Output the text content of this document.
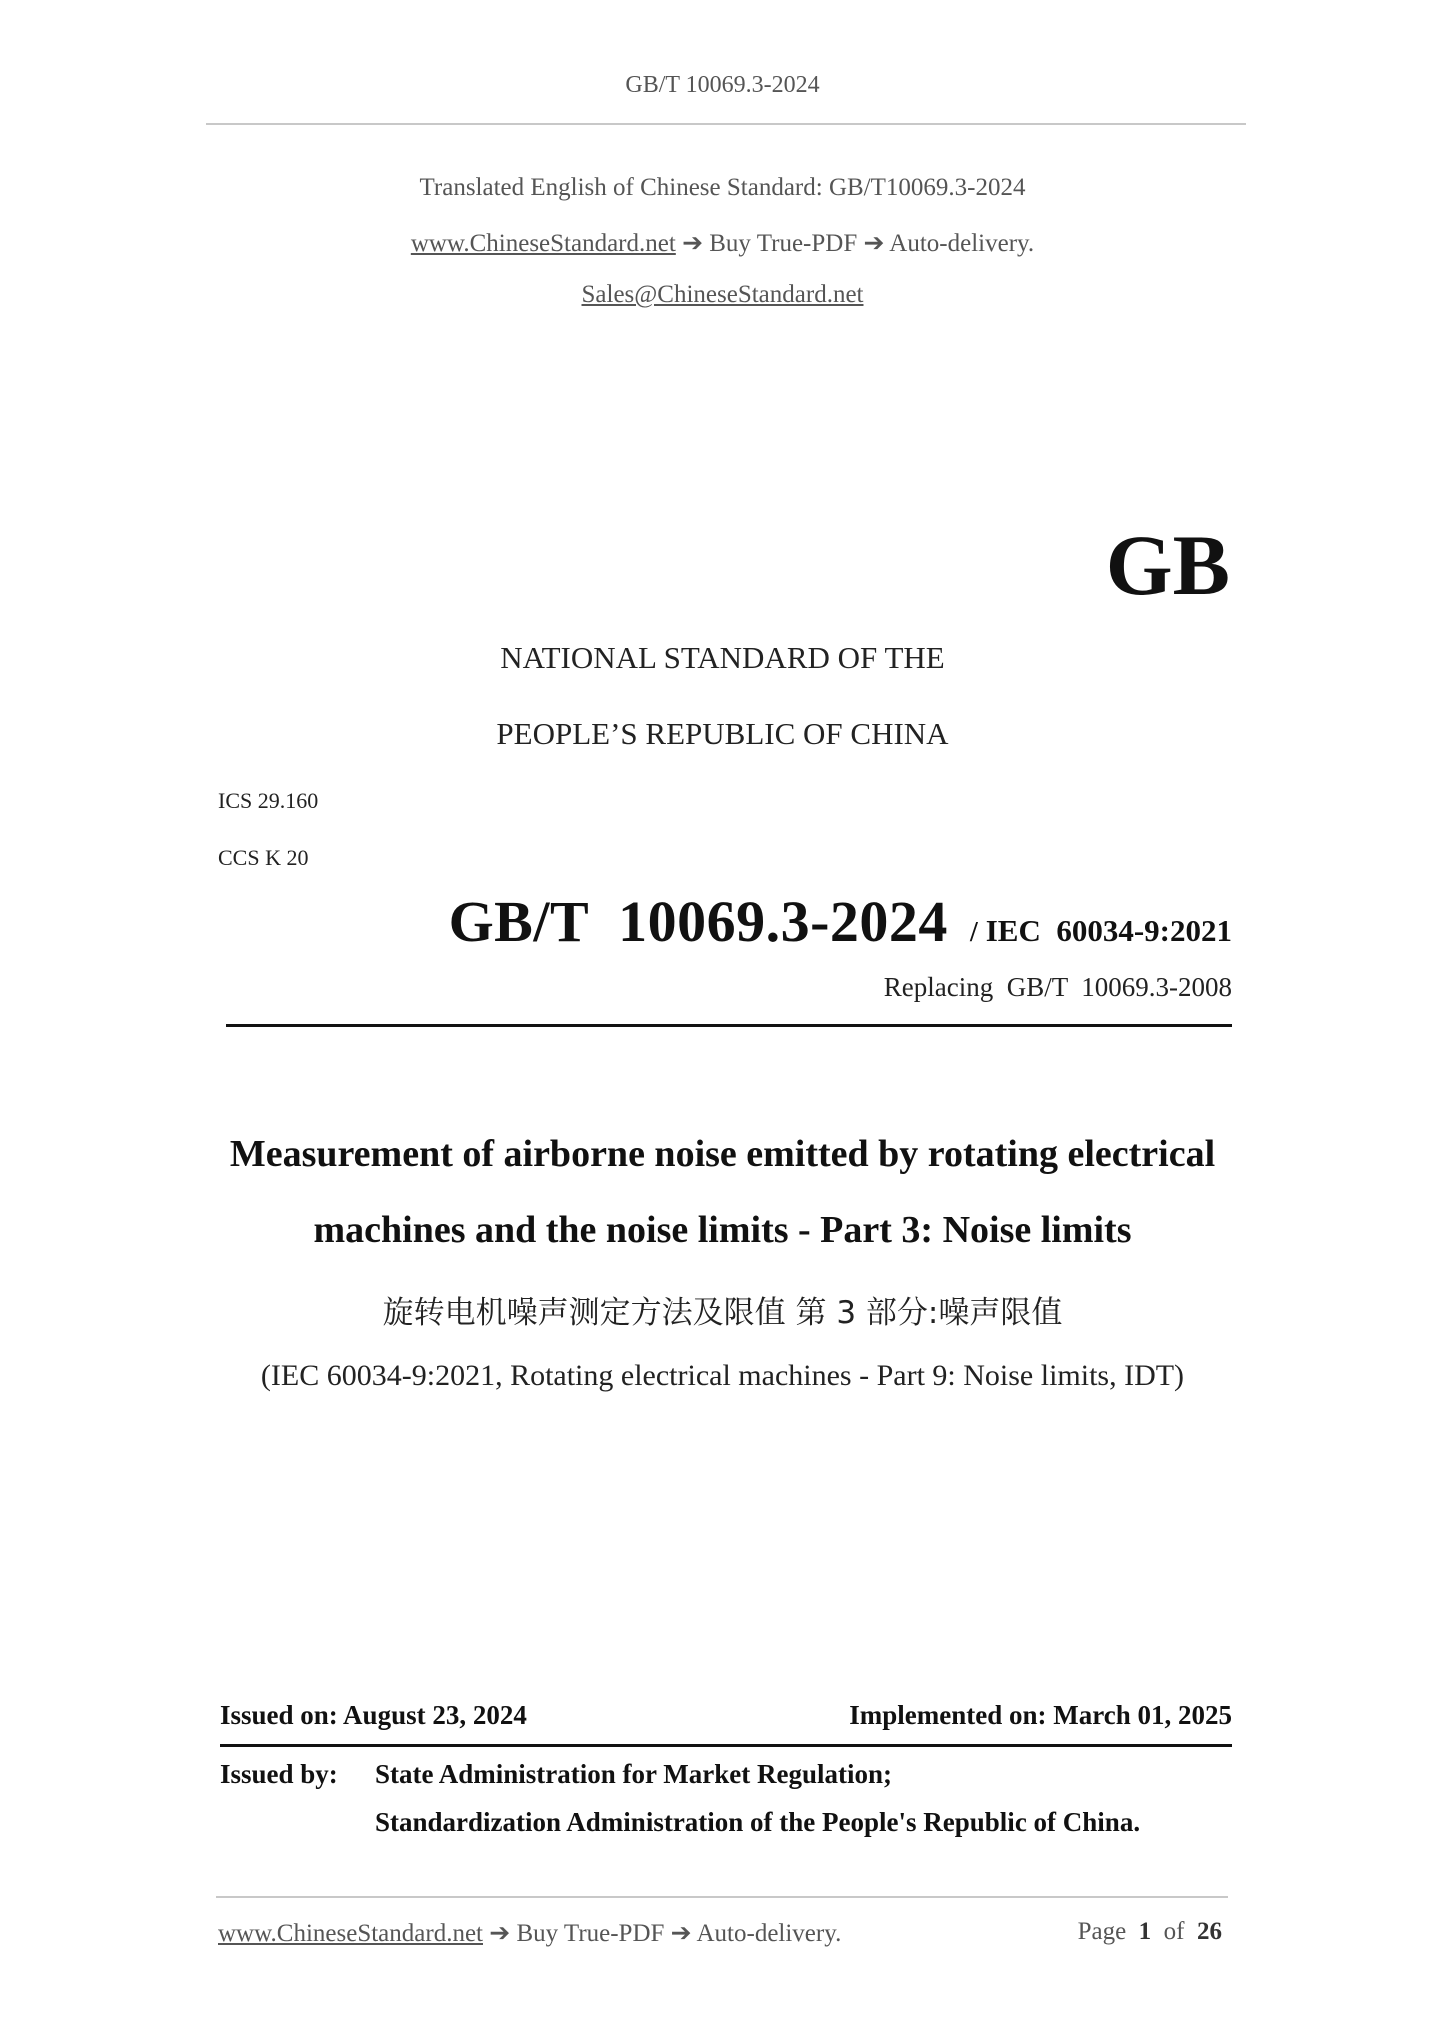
GB/T 10069.3-2024
Translated English of Chinese Standard: GB/T10069.3-2024
www.ChineseStandard.net ➔ Buy True-PDF ➔ Auto-delivery.
Sales@ChineseStandard.net
GB
NATIONAL STANDARD OF THE
PEOPLE’S REPUBLIC OF CHINA
ICS 29.160
CCS K 20
GB/T  10069.3-2024 / IEC  60034-9:2021
Replacing  GB/T  10069.3-2008
Measurement of airborne noise emitted by rotating electrical
machines and the noise limits - Part 3: Noise limits
旋转电机噪声测定方法及限值 第 3 部分:噪声限值
(IEC 60034-9:2021, Rotating electrical machines - Part 9: Noise limits, IDT)
Issued on: August 23, 2024	Implemented on: March 01, 2025
Issued by: State Administration for Market Regulation;
Standardization Administration of the People's Republic of China.
www.ChineseStandard.net ➔ Buy True-PDF ➔ Auto-delivery.	Page 1 of 26
